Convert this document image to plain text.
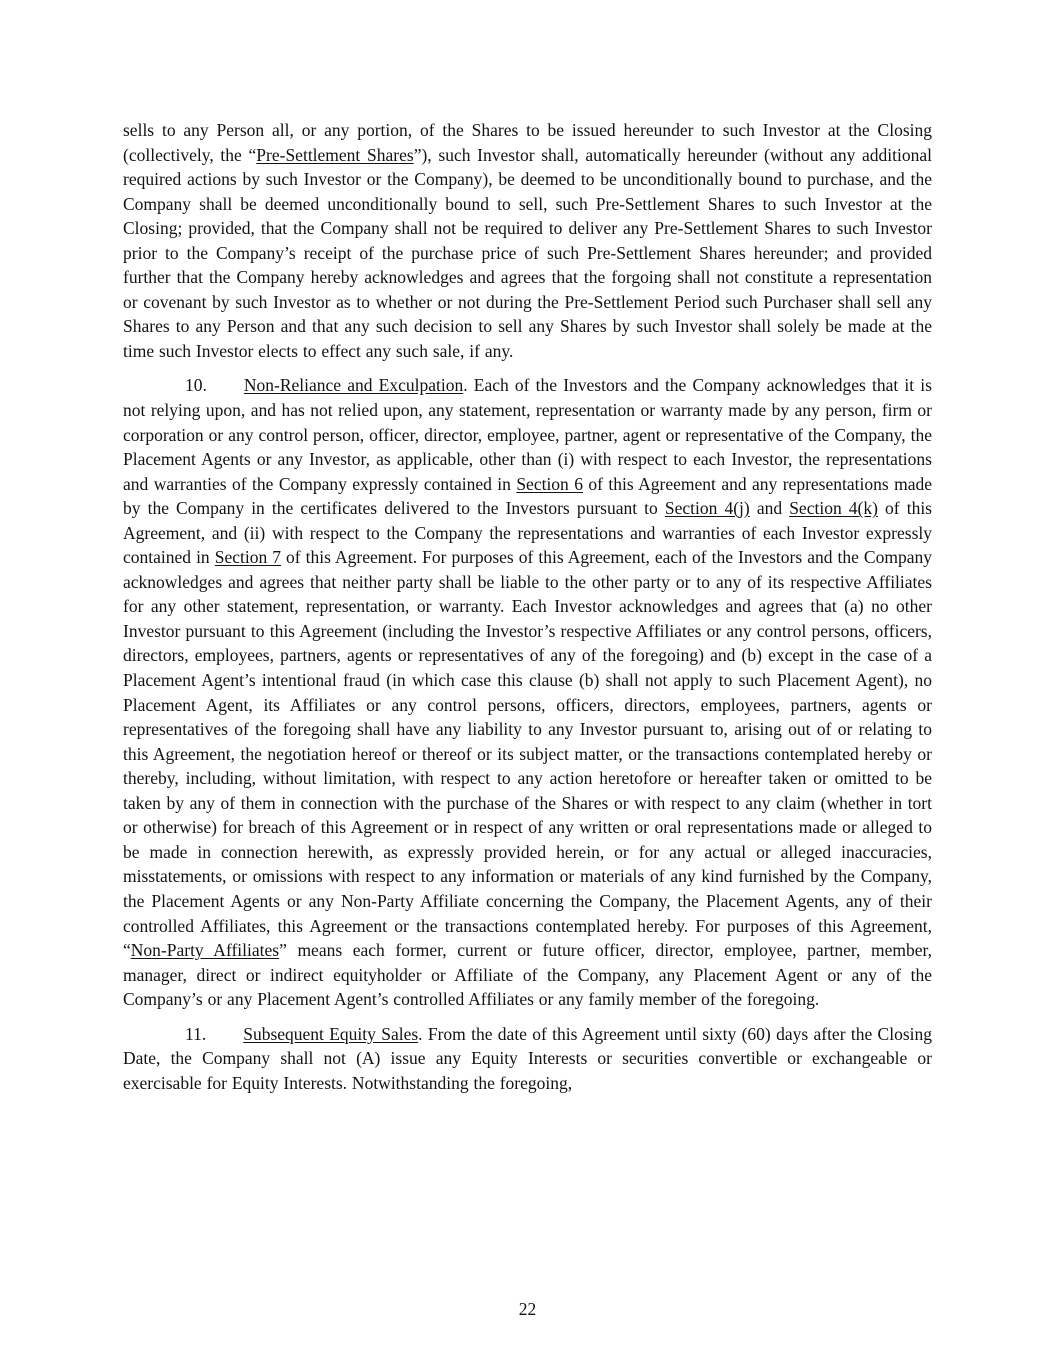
sells to any Person all, or any portion, of the Shares to be issued hereunder to such Investor at the Closing (collectively, the “Pre-Settlement Shares”), such Investor shall, automatically hereunder (without any additional required actions by such Investor or the Company), be deemed to be unconditionally bound to purchase, and the Company shall be deemed unconditionally bound to sell, such Pre-Settlement Shares to such Investor at the Closing; provided, that the Company shall not be required to deliver any Pre-Settlement Shares to such Investor prior to the Company’s receipt of the purchase price of such Pre-Settlement Shares hereunder; and provided further that the Company hereby acknowledges and agrees that the forgoing shall not constitute a representation or covenant by such Investor as to whether or not during the Pre-Settlement Period such Purchaser shall sell any Shares to any Person and that any such decision to sell any Shares by such Investor shall solely be made at the time such Investor elects to effect any such sale, if any.

10. Non-Reliance and Exculpation. Each of the Investors and the Company acknowledges that it is not relying upon, and has not relied upon, any statement, representation or warranty made by any person, firm or corporation or any control person, officer, director, employee, partner, agent or representative of the Company, the Placement Agents or any Investor, as applicable, other than (i) with respect to each Investor, the representations and warranties of the Company expressly contained in Section 6 of this Agreement and any representations made by the Company in the certificates delivered to the Investors pursuant to Section 4(j) and Section 4(k) of this Agreement, and (ii) with respect to the Company the representations and warranties of each Investor expressly contained in Section 7 of this Agreement. For purposes of this Agreement, each of the Investors and the Company acknowledges and agrees that neither party shall be liable to the other party or to any of its respective Affiliates for any other statement, representation, or warranty. Each Investor acknowledges and agrees that (a) no other Investor pursuant to this Agreement (including the Investor’s respective Affiliates or any control persons, officers, directors, employees, partners, agents or representatives of any of the foregoing) and (b) except in the case of a Placement Agent’s intentional fraud (in which case this clause (b) shall not apply to such Placement Agent), no Placement Agent, its Affiliates or any control persons, officers, directors, employees, partners, agents or representatives of the foregoing shall have any liability to any Investor pursuant to, arising out of or relating to this Agreement, the negotiation hereof or thereof or its subject matter, or the transactions contemplated hereby or thereby, including, without limitation, with respect to any action heretofore or hereafter taken or omitted to be taken by any of them in connection with the purchase of the Shares or with respect to any claim (whether in tort or otherwise) for breach of this Agreement or in respect of any written or oral representations made or alleged to be made in connection herewith, as expressly provided herein, or for any actual or alleged inaccuracies, misstatements, or omissions with respect to any information or materials of any kind furnished by the Company, the Placement Agents or any Non-Party Affiliate concerning the Company, the Placement Agents, any of their controlled Affiliates, this Agreement or the transactions contemplated hereby. For purposes of this Agreement, “Non-Party Affiliates” means each former, current or future officer, director, employee, partner, member, manager, direct or indirect equityholder or Affiliate of the Company, any Placement Agent or any of the Company’s or any Placement Agent’s controlled Affiliates or any family member of the foregoing.

11. Subsequent Equity Sales. From the date of this Agreement until sixty (60) days after the Closing Date, the Company shall not (A) issue any Equity Interests or securities convertible or exchangeable or exercisable for Equity Interests. Notwithstanding the foregoing,

22
